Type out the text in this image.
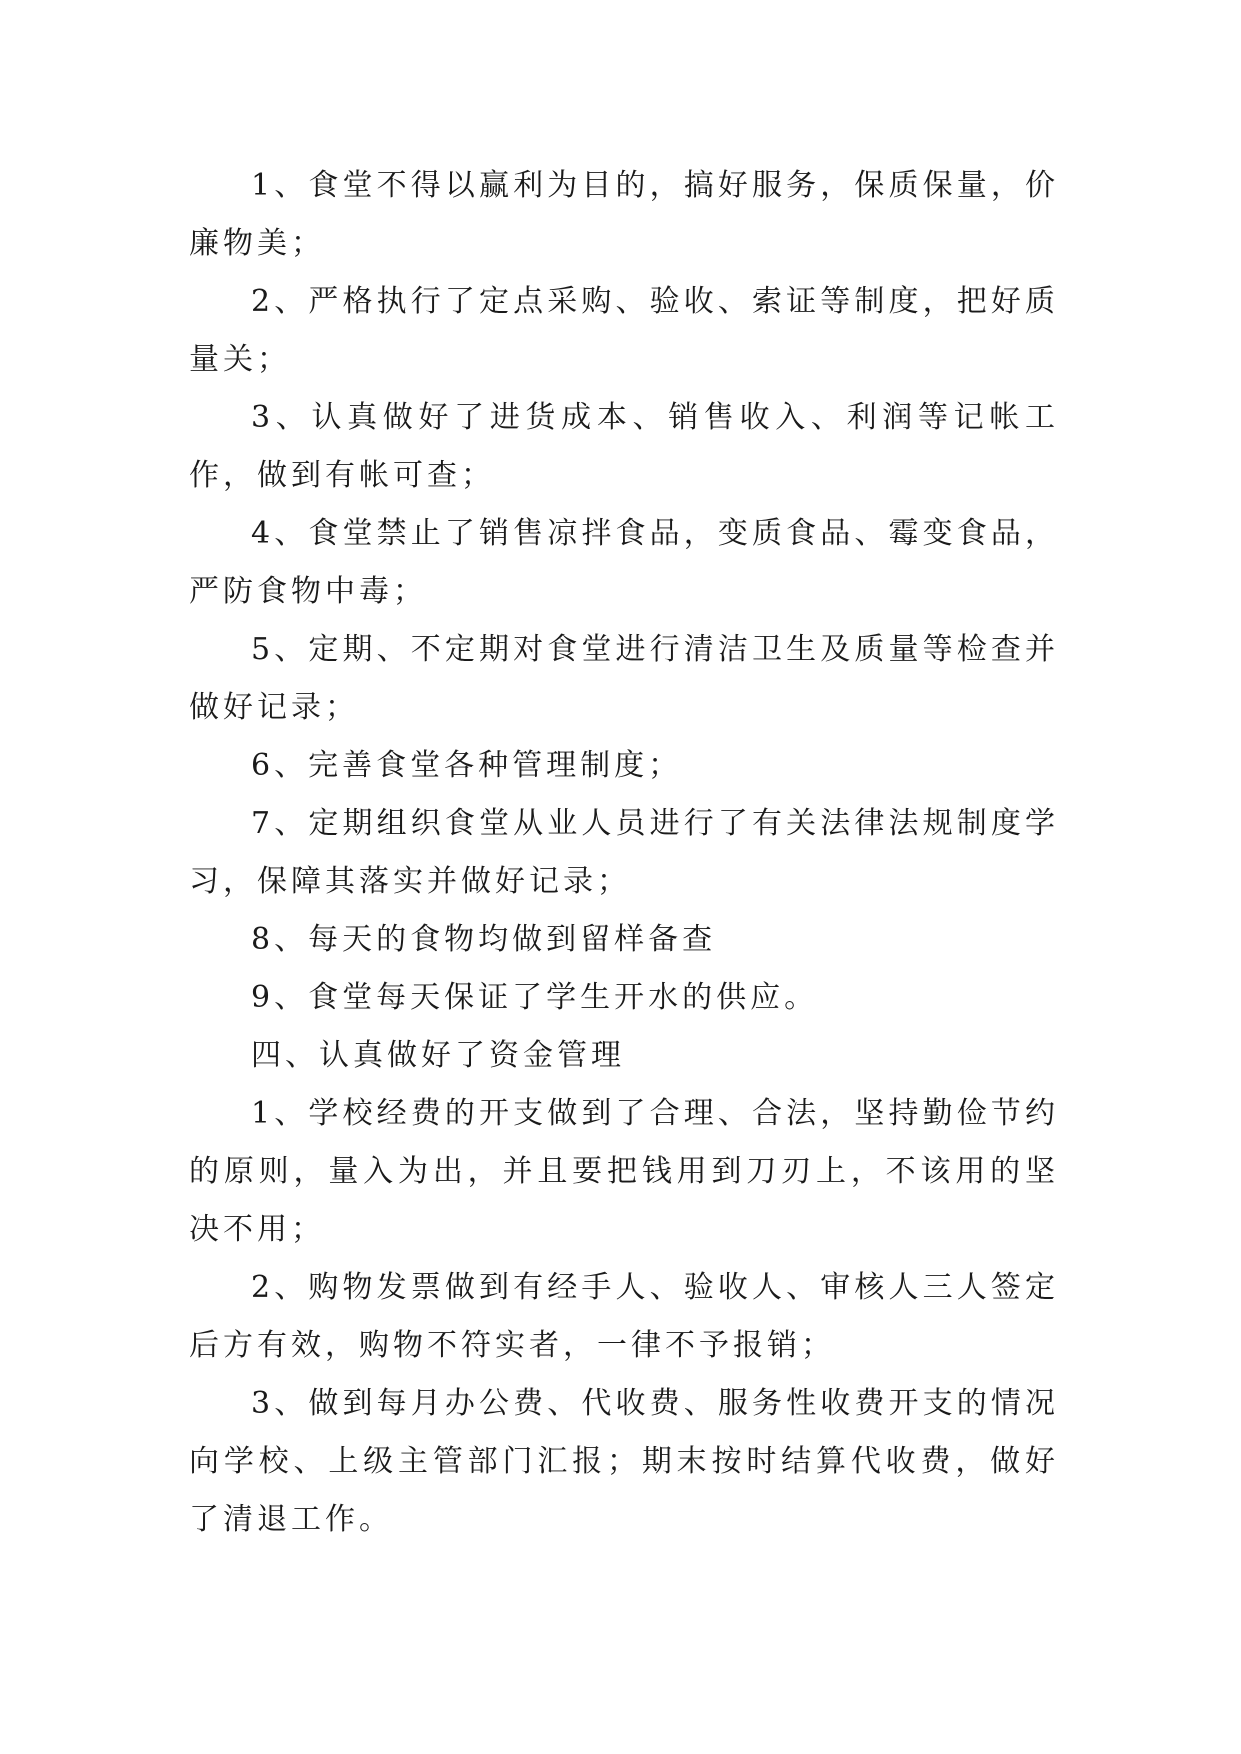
1、食堂不得以赢利为目的，搞好服务，保质保量，价廉物美；

2、严格执行了定点采购、验收、索证等制度，把好质量关；

3、认真做好了进货成本、销售收入、利润等记帐工作，做到有帐可查；

4、食堂禁止了销售凉拌食品，变质食品、霉变食品，严防食物中毒；

5、定期、不定期对食堂进行清洁卫生及质量等检查并做好记录；

6、完善食堂各种管理制度；

7、定期组织食堂从业人员进行了有关法律法规制度学习，保障其落实并做好记录；

8、每天的食物均做到留样备查

9、食堂每天保证了学生开水的供应。

四、认真做好了资金管理

1、学校经费的开支做到了合理、合法，坚持勤俭节约的原则，量入为出，并且要把钱用到刀刃上，不该用的坚决不用；

2、购物发票做到有经手人、验收人、审核人三人签定后方有效，购物不符实者，一律不予报销；

3、做到每月办公费、代收费、服务性收费开支的情况向学校、上级主管部门汇报；期末按时结算代收费，做好了清退工作。
